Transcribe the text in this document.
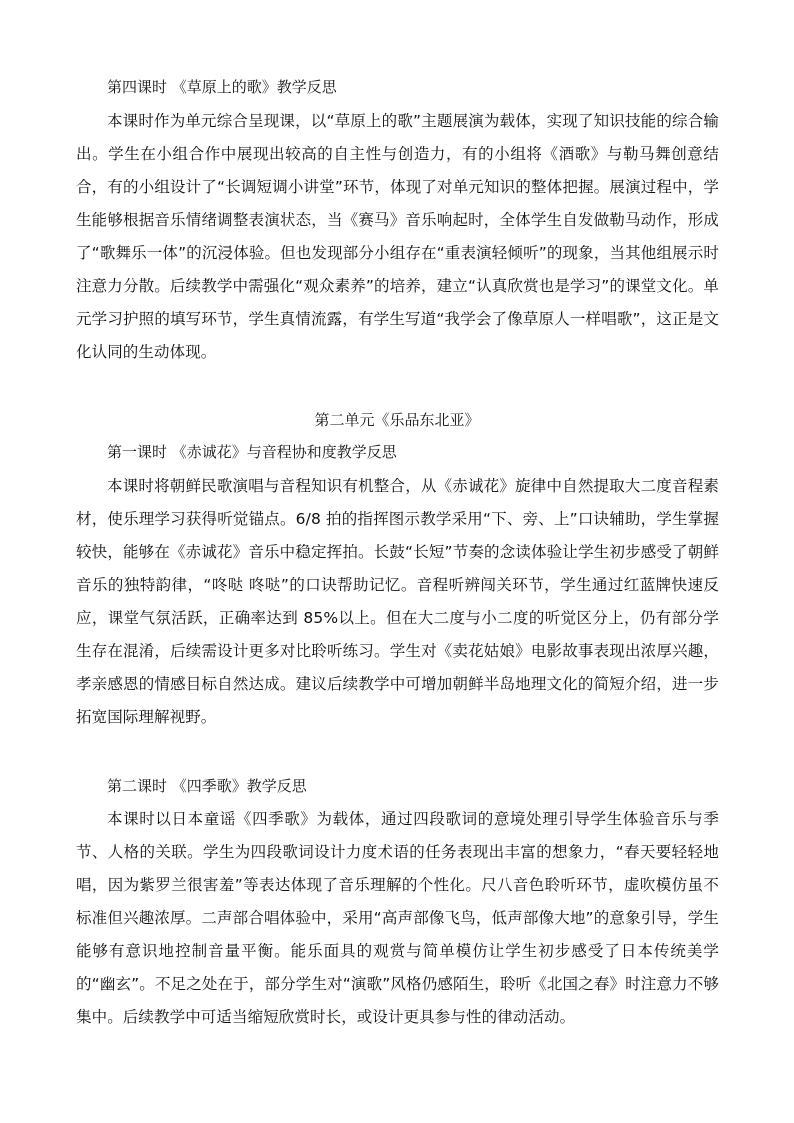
第四课时 《草原上的歌》教学反思

本课时作为单元综合呈现课，以“草原上的歌”主题展演为载体，实现了知识技能的综合输出。学生在小组合作中展现出较高的自主性与创造力，有的小组将《酒歌》与勒马舞创意结合，有的小组设计了“长调短调小讲堂”环节，体现了对单元知识的整体把握。展演过程中，学生能够根据音乐情绪调整表演状态，当《赛马》音乐响起时，全体学生自发做勒马动作，形成了“歌舞乐一体”的沉浸体验。但也发现部分小组存在“重表演轻倾听”的现象，当其他组展示时注意力分散。后续教学中需强化“观众素养”的培养，建立“认真欣赏也是学习”的课堂文化。单元学习护照的填写环节，学生真情流露，有学生写道“我学会了像草原人一样唱歌”，这正是文化认同的生动体现。

第二单元《乐品东北亚》
第一课时 《赤诚花》与音程协和度教学反思

本课时将朝鲜民歌演唱与音程知识有机整合，从《赤诚花》旋律中自然提取大二度音程素材，使乐理学习获得听觉锚点。6/8 拍的指挥图示教学采用“下、旁、上”口诀辅助，学生掌握较快，能够在《赤诚花》音乐中稳定挥拍。长鼓“长短”节奏的念读体验让学生初步感受了朝鲜音乐的独特韵律，“咚哒 咚哒”的口诀帮助记忆。音程听辨闯关环节，学生通过红蓝牌快速反应，课堂气氛活跃，正确率达到 85%以上。但在大二度与小二度的听觉区分上，仍有部分学生存在混淆，后续需设计更多对比聆听练习。学生对《卖花姑娘》电影故事表现出浓厚兴趣，孝亲感恩的情感目标自然达成。建议后续教学中可增加朝鲜半岛地理文化的简短介绍，进一步拓宽国际理解视野。

第二课时 《四季歌》教学反思

本课时以日本童谣《四季歌》为载体，通过四段歌词的意境处理引导学生体验音乐与季节、人格的关联。学生为四段歌词设计力度术语的任务表现出丰富的想象力，“春天要轻轻地唱，因为紫罗兰很害羞”等表达体现了音乐理解的个性化。尺八音色聆听环节，虚吹模仿虽不标准但兴趣浓厚。二声部合唱体验中，采用“高声部像飞鸟，低声部像大地”的意象引导，学生能够有意识地控制音量平衡。能乐面具的观赏与简单模仿让学生初步感受了日本传统美学的“幽玄”。不足之处在于，部分学生对“演歌”风格仍感陌生，聆听《北国之春》时注意力不够集中。后续教学中可适当缩短欣赏时长，或设计更具参与性的律动活动。
